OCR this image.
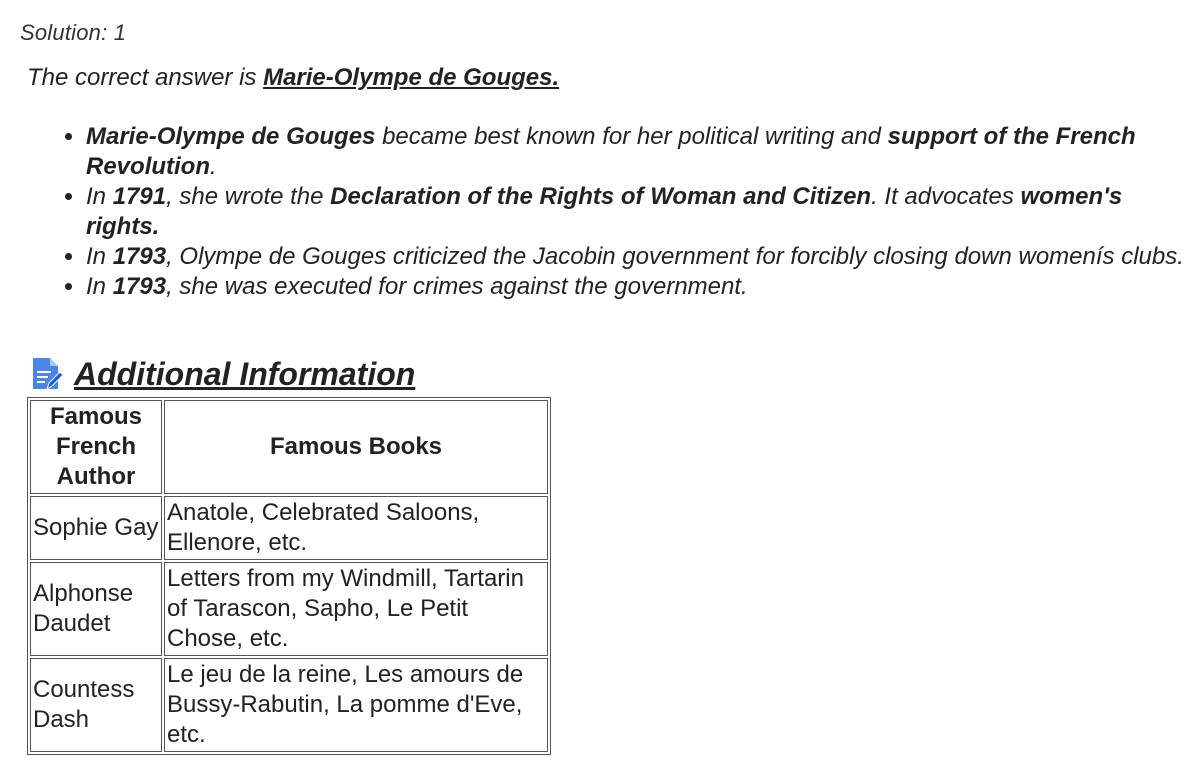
Solution: 1
The correct answer is Marie-Olympe de Gouges.
• Marie-Olympe de Gouges became best known for her political writing and support of the French Revolution.
• In 1791, she wrote the Declaration of the Rights of Woman and Citizen. It advocates women's rights.
• In 1793, Olympe de Gouges criticized the Jacobin government for forcibly closing down womenís clubs.
• In 1793, she was executed for crimes against the government.
Additional Information
Famous French Author	Famous Books
Sophie Gay	Anatole, Celebrated Saloons, Ellenore, etc.
Alphonse Daudet	Letters from my Windmill, Tartarin of Tarascon, Sapho, Le Petit Chose, etc.
Countess Dash	Le jeu de la reine, Les amours de Bussy-Rabutin, La pomme d'Eve, etc.
